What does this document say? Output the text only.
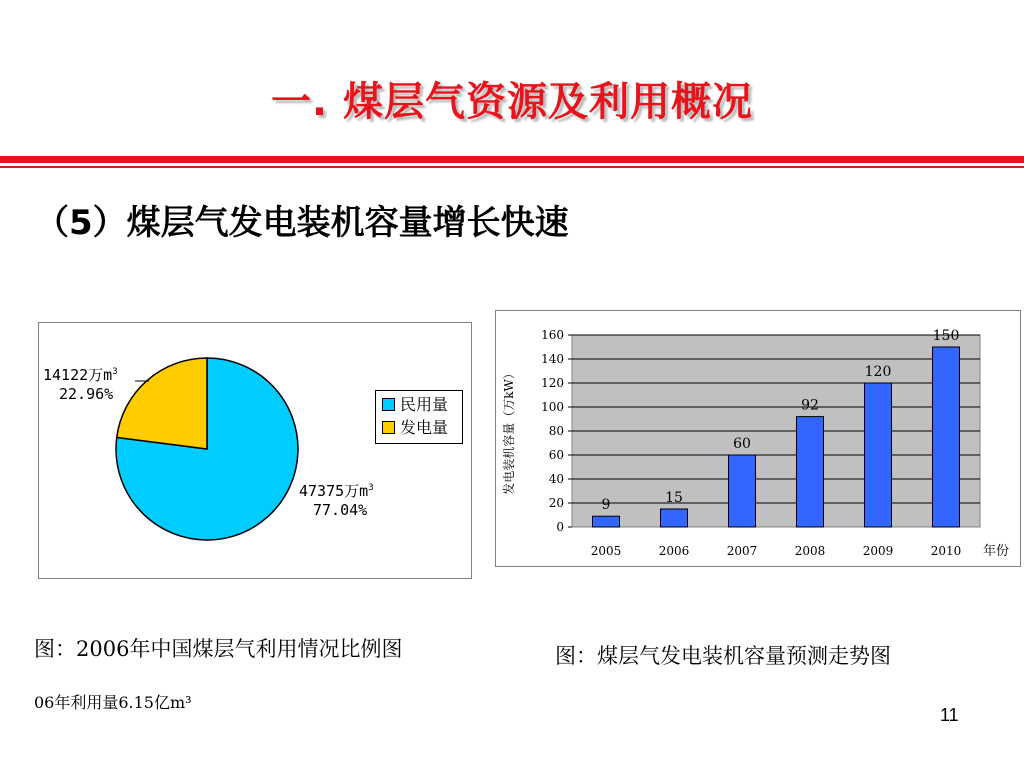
一. 煤层气资源及利用概况
（5）煤层气发电装机容量增长快速
14122万$m^3$
22.96%
47375万$m^3$
77.04%
民用量
发电量
0
20
40
60
80
100
120
140
160
9
2005
15
2006
60
2007
92
2008
120
2009
150
2010 年份
发电装机容量（万kW）
图：2006年中国煤层气利用情况比例图	图：煤层气发电装机容量预测走势图
06年利用量6.15亿m³
11
